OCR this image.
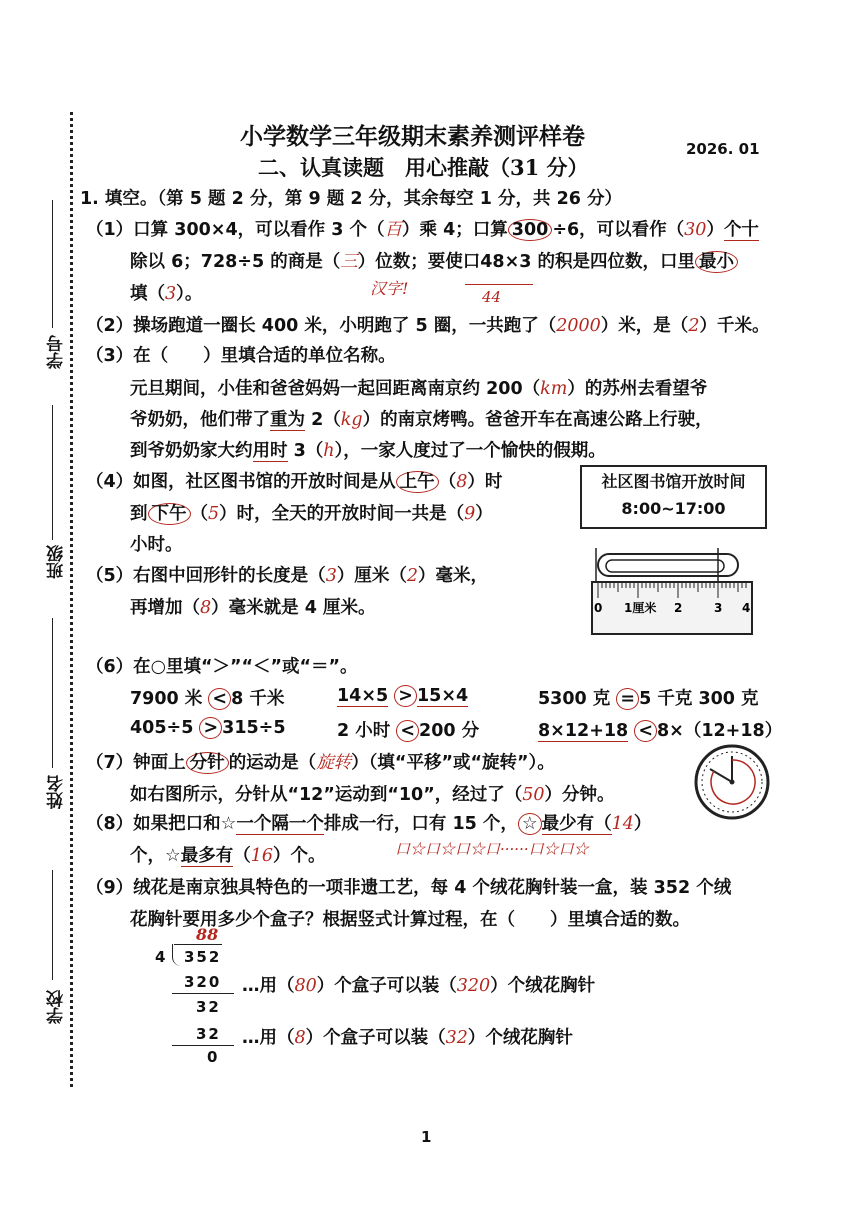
小学数学三年级期末素养测评样卷
二、认真读题　用心推敲（31 分）
2026. 01
学号
班级
姓名
学校
1. 填空。（第 5 题 2 分，第 9 题 2 分，其余每空 1 分，共 26 分）
（1）口算 300×4，可以看作 3 个（百）乘 4；口算 300 ÷6，可以看作（30）个十
除以 6；728÷5 的商是（三）位数；要使口48×3 的积是四位数，口里 最小
填（3）。	汉字!	44
（2）操场跑道一圈长 400 米，小明跑了 5 圈，一共跑了（2000）米，是（2）千米。
（3）在（　　）里填合适的单位名称。
元旦期间，小佳和爸爸妈妈一起回距离南京约 200（km）的苏州去看望爷
爷奶奶，他们带了重为 2（kg）的南京烤鸭。爸爸开车在高速公路上行驶，
到爷奶奶家大约用时 3（h），一家人度过了一个愉快的假期。
（4）如图，社区图书馆的开放时间是从 上午 （8）时
到 下午 （5）时，全天的开放时间一共是（9）
小时。
社区图书馆开放时间
8:00~17:00
（5）右图中回形针的长度是（3）厘米（2）毫米，
再增加（8）毫米就是 4 厘米。	0 1厘米 2	3 4
（6）在○里填“＞”“＜”或“＝”。
7900 米 < 8 千米	14×5 > 15×4	5300 克 = 5 千克 300 克
405÷5 > 315÷5	2 小时 < 200 分	8×12+18 < 8×（12+18）
（7）钟面上 分针 的运动是（旋转）（填“平移”或“旋转”）。
如右图所示，分针从“12”运动到“10”，经过了（50）分钟。
（8）如果把口和☆一个隔一个排成一行，口有 15 个， ☆ 最少有（14）
个，☆最多有（16）个。	口☆口☆口☆口······口☆口☆
（9）绒花是南京独具特色的一项非遗工艺，每 4 个绒花胸针装一盒，装 352 个绒
花胸针要用多少个盒子？根据竖式计算过程，在（　　）里填合适的数。
88
4 352
320
32
32
0
…用（80）个盒子可以装（320）个绒花胸针
…用（8）个盒子可以装（32）个绒花胸针
1
